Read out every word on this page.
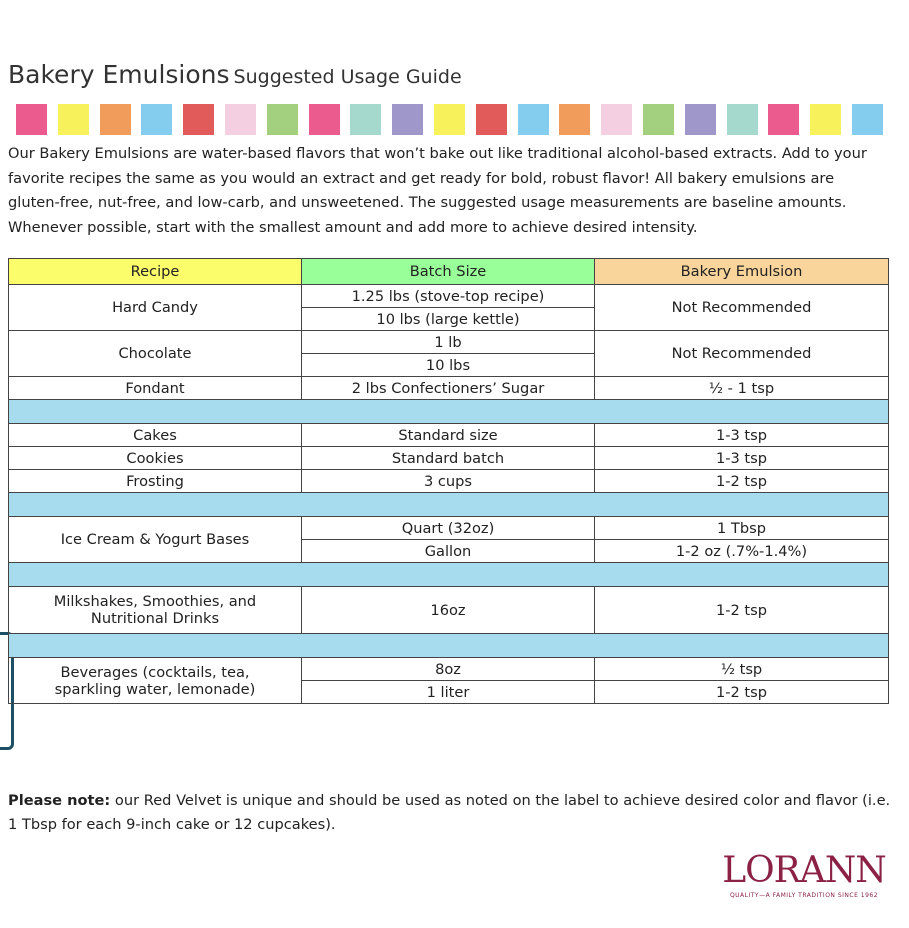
Bakery Emulsions Suggested Usage Guide
Our Bakery Emulsions are water-based flavors that won’t bake out like traditional alcohol-based extracts. Add to your favorite recipes the same as you would an extract and get ready for bold, robust flavor! All bakery emulsions are gluten-free, nut-free, and low-carb, and unsweetened. The suggested usage measurements are baseline amounts. Whenever possible, start with the smallest amount and add more to achieve desired intensity.
Recipe	Batch Size	Bakery Emulsion
Hard Candy	1.25 lbs (stove-top recipe)	Not Recommended
	10 lbs (large kettle)	
Chocolate	1 lb	Not Recommended
	10 lbs	
Fondant	2 lbs Confectioners’ Sugar	½ - 1 tsp

Cakes	Standard size	1-3 tsp
Cookies	Standard batch	1-3 tsp
Frosting	3 cups	1-2 tsp

Ice Cream & Yogurt Bases	Quart (32oz)	1 Tbsp
	Gallon	1-2 oz (.7%-1.4%)

Milkshakes, Smoothies, and
Nutritional Drinks	16oz	1-2 tsp

Beverages (cocktails, tea,
sparkling water, lemonade)	8oz	½ tsp
	1 liter	1-2 tsp
Please note: our Red Velvet is unique and should be used as noted on the label to achieve desired color and flavor (i.e. 1 Tbsp for each 9-inch cake or 12 cupcakes).
LORANN
QUALITY—A FAMILY TRADITION SINCE 1962
